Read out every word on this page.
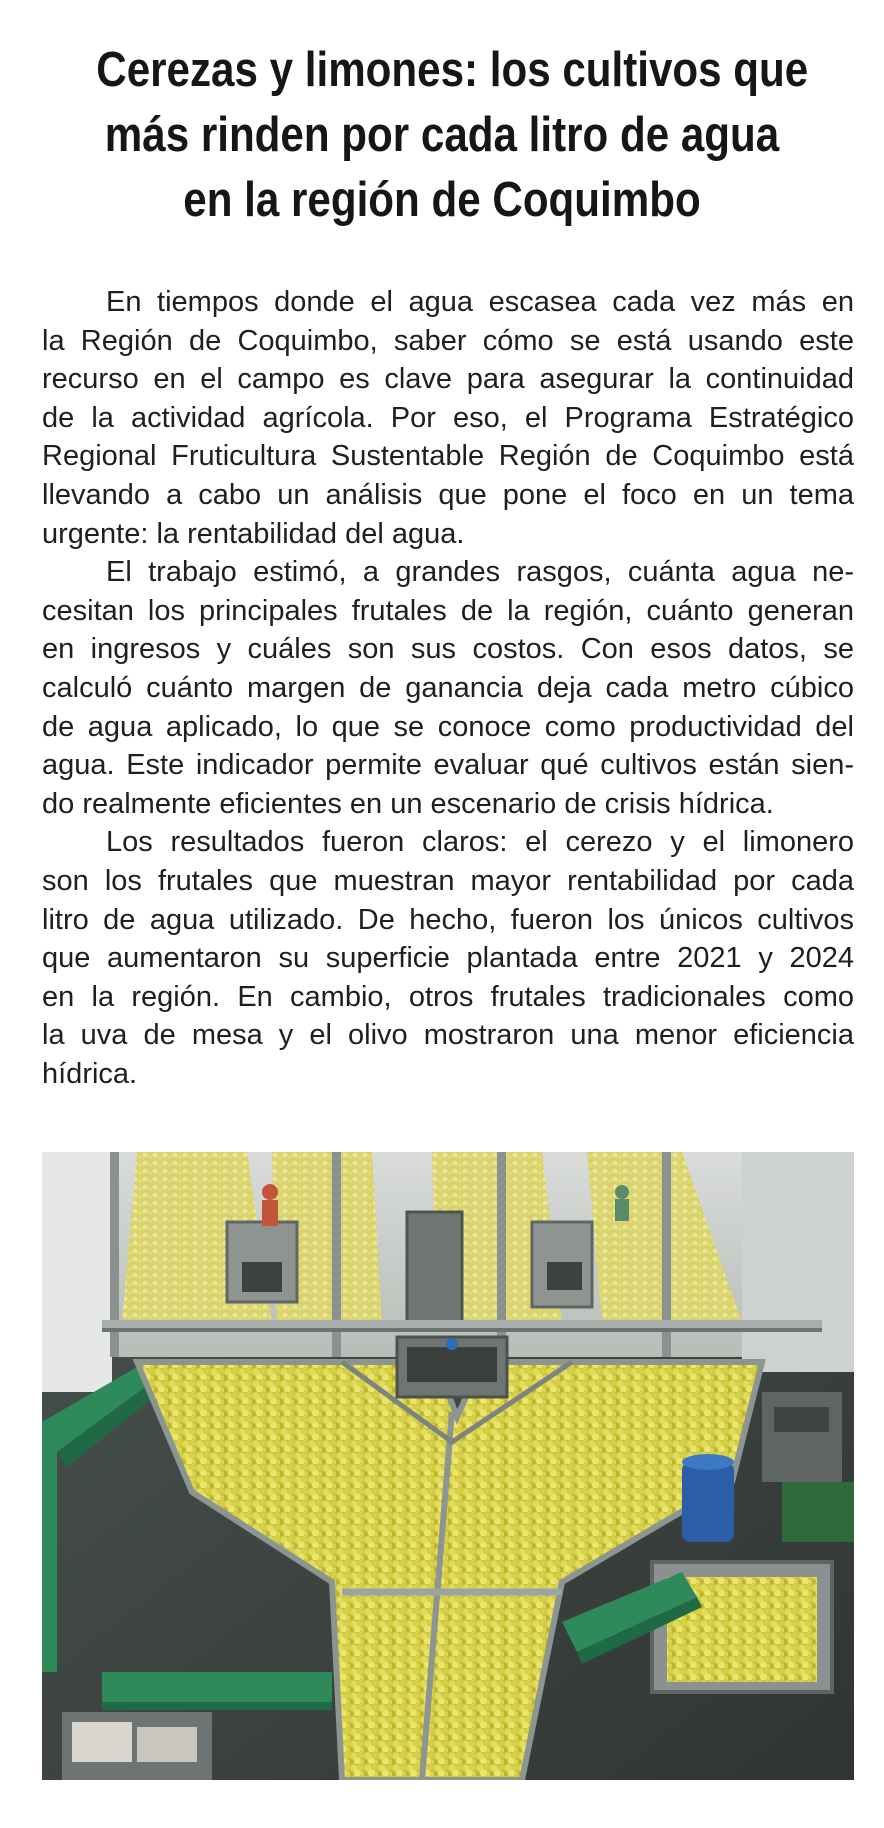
Cerezas y limones: los cultivos que
más rinden por cada litro de agua
en la región de Coquimbo

En tiempos donde el agua escasea cada vez más en
la Región de Coquimbo, saber cómo se está usando este
recurso en el campo es clave para asegurar la continuidad
de la actividad agrícola. Por eso, el Programa Estratégico
Regional Fruticultura Sustentable Región de Coquimbo está
llevando a cabo un análisis que pone el foco en un tema
urgente: la rentabilidad del agua.

El trabajo estimó, a grandes rasgos, cuánta agua ne-
cesitan los principales frutales de la región, cuánto generan
en ingresos y cuáles son sus costos. Con esos datos, se
calculó cuánto margen de ganancia deja cada metro cúbico
de agua aplicado, lo que se conoce como productividad del
agua. Este indicador permite evaluar qué cultivos están sien-
do realmente eficientes en un escenario de crisis hídrica.

Los resultados fueron claros: el cerezo y el limonero
son los frutales que muestran mayor rentabilidad por cada
litro de agua utilizado. De hecho, fueron los únicos cultivos
que aumentaron su superficie plantada entre 2021 y 2024
en la región. En cambio, otros frutales tradicionales como
la uva de mesa y el olivo mostraron una menor eficiencia
hídrica.
